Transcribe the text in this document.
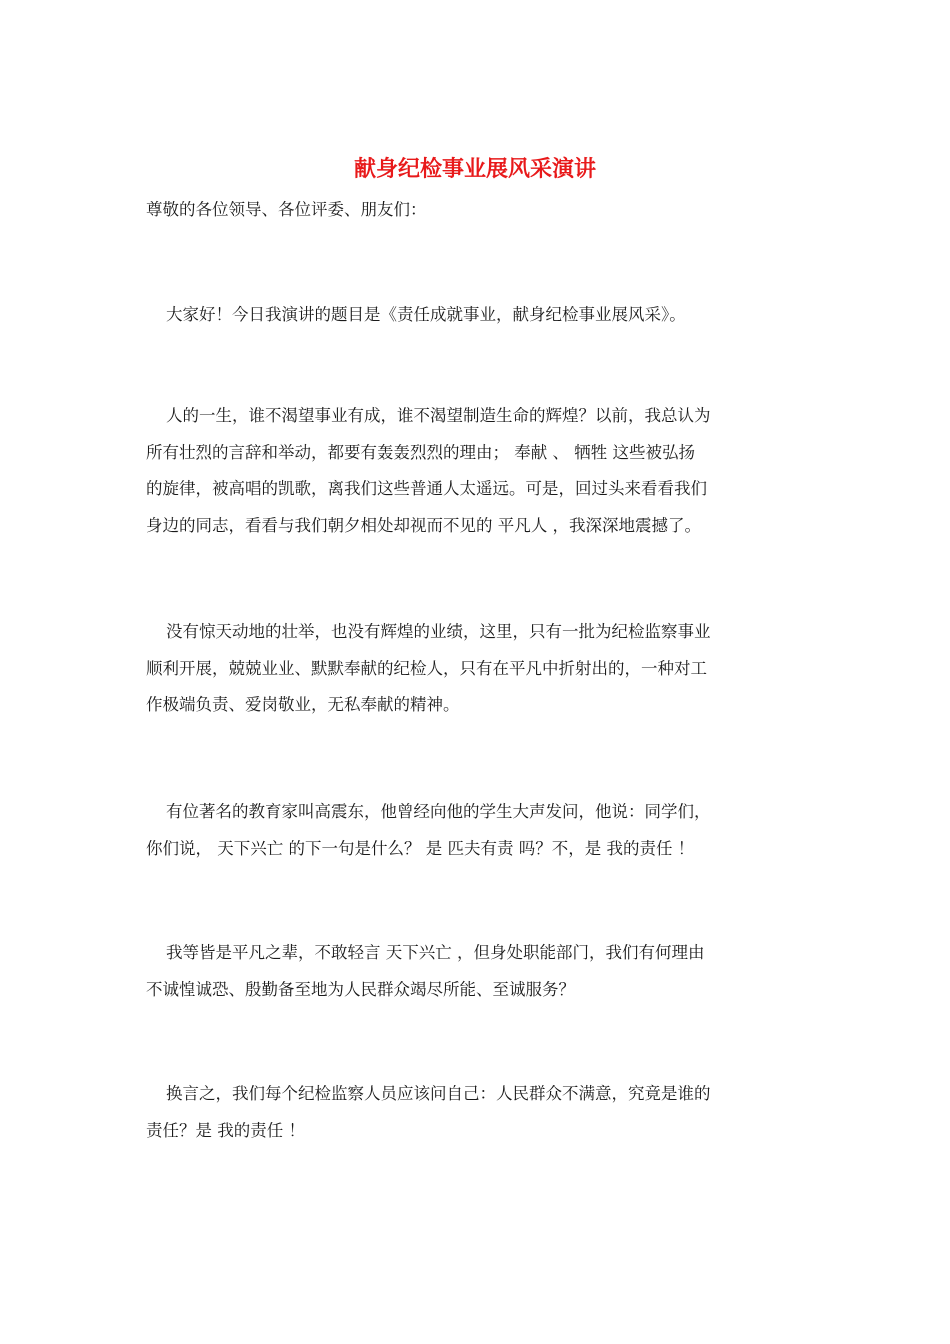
献身纪检事业展风采演讲

尊敬的各位领导、各位评委、朋友们：

大家好！今日我演讲的题目是《责任成就事业，献身纪检事业展风采》。

人的一生，谁不渴望事业有成，谁不渴望制造生命的辉煌？以前，我总认为
所有壮烈的言辞和举动，都要有轰轰烈烈的理由； 奉献 、 牺牲 这些被弘扬
的旋律，被高唱的凯歌，离我们这些普通人太遥远。可是，回过头来看看我们
身边的同志，看看与我们朝夕相处却视而不见的 平凡人 ，我深深地震撼了。

没有惊天动地的壮举，也没有辉煌的业绩，这里，只有一批为纪检监察事业
顺利开展，兢兢业业、默默奉献的纪检人，只有在平凡中折射出的，一种对工
作极端负责、爱岗敬业，无私奉献的精神。

有位著名的教育家叫高震东，他曾经向他的学生大声发问，他说：同学们，
你们说， 天下兴亡 的下一句是什么？ 是 匹夫有责 吗？不，是 我的责任 ！

我等皆是平凡之辈，不敢轻言 天下兴亡 ，但身处职能部门，我们有何理由
不诚惶诚恐、殷勤备至地为人民群众竭尽所能、至诚服务？

换言之，我们每个纪检监察人员应该问自己：人民群众不满意，究竟是谁的
责任？是 我的责任 ！
